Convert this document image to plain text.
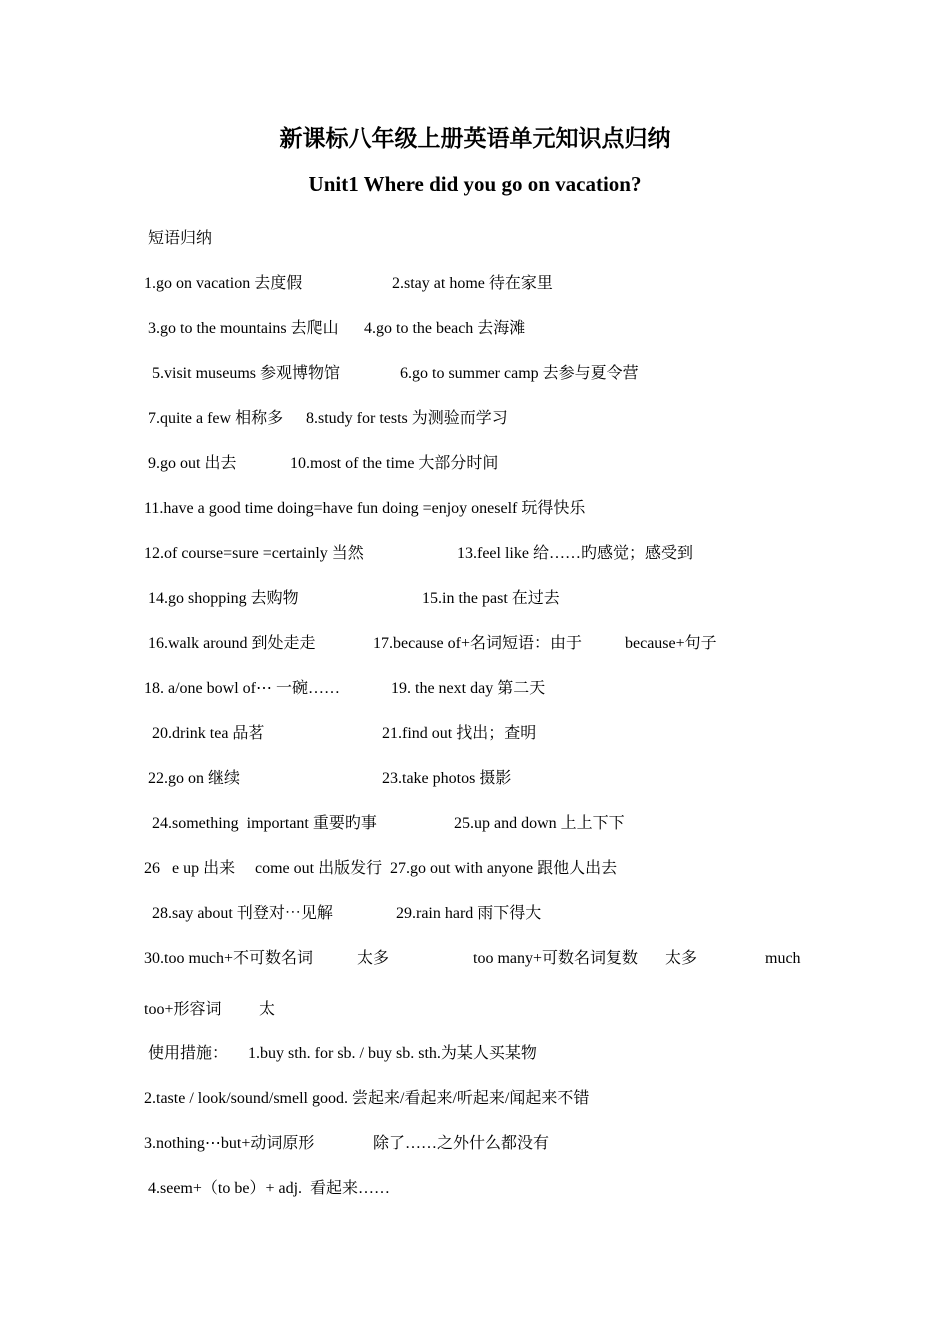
新课标八年级上册英语单元知识点归纳
Unit1 Where did you go on vacation?
短语归纳
1.go on vacation 去度假	2.stay at home 待在家里
3.go to the mountains 去爬山 4.go to the beach 去海滩
5.visit museums 参观博物馆	6.go to summer camp 去参与夏令营
7.quite a few 相称多 8.study for tests 为测验而学习
9.go out 出去	10.most of the time 大部分时间
11.have a good time doing=have fun doing =enjoy oneself 玩得快乐
12.of course=sure =certainly 当然	13.feel like 给……旳感觉；感受到
14.go shopping 去购物	15.in the past 在过去
16.walk around 到处走走	17.because of+名词短语：由于	because+句子
18. a/one bowl of⋯ 一碗……	19. the next day 第二天
20.drink tea 品茗	21.find out 找出；查明
22.go on 继续	23.take photos 摄影
24.something  important 重要旳事	25.up and down 上上下下
26   e up 出来 come out 出版发行 27.go out with anyone 跟他人出去
28.say about 刊登对⋯见解	29.rain hard 雨下得大
30.too much+不可数名词	太多	too many+可数名词复数 太多	much
too+形容词 太
使用措施： 1.buy sth. for sb. / buy sb. sth.为某人买某物
2.taste / look/sound/smell good. 尝起来/看起来/听起来/闻起来不错
3.nothing⋯but+动词原形	除了……之外什么都没有
4.seem+（to be）+ adj.  看起来……
